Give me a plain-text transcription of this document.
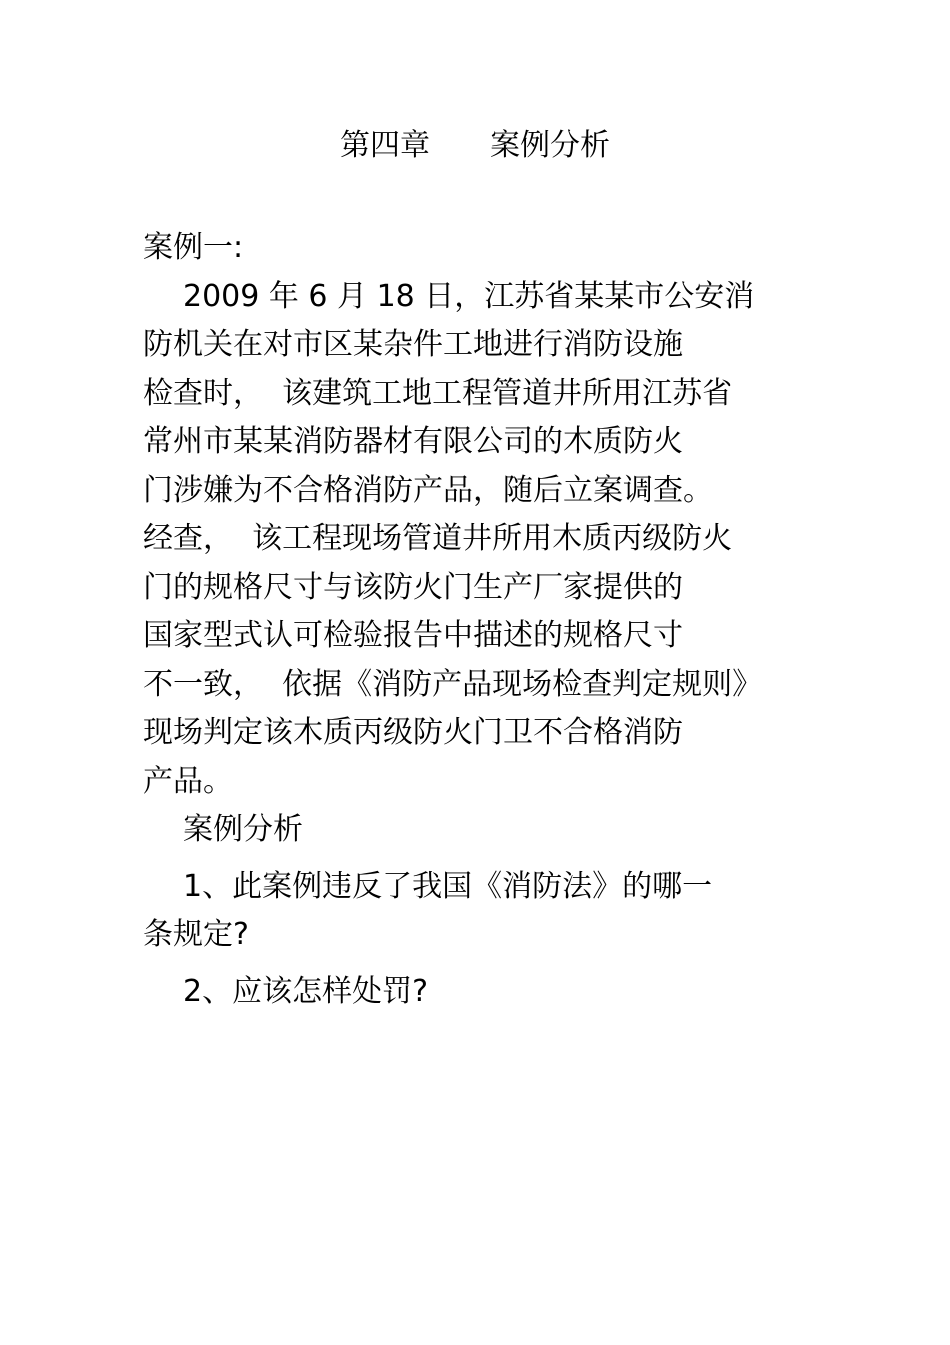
第四章　　案例分析
案例一:
2009 年 6 月 18 日，江苏省某某市公安消
防机关在对市区某杂件工地进行消防设施
检查时，  该建筑工地工程管道井所用江苏省
常州市某某消防器材有限公司的木质防火
门涉嫌为不合格消防产品，随后立案调查。
经查，  该工程现场管道井所用木质丙级防火
门的规格尺寸与该防火门生产厂家提供的
国家型式认可检验报告中描述的规格尺寸
不一致，  依据《消防产品现场检查判定规则》
现场判定该木质丙级防火门卫不合格消防
产品。
案例分析
1、此案例违反了我国《消防法》的哪一
条规定?
2、应该怎样处罚?
